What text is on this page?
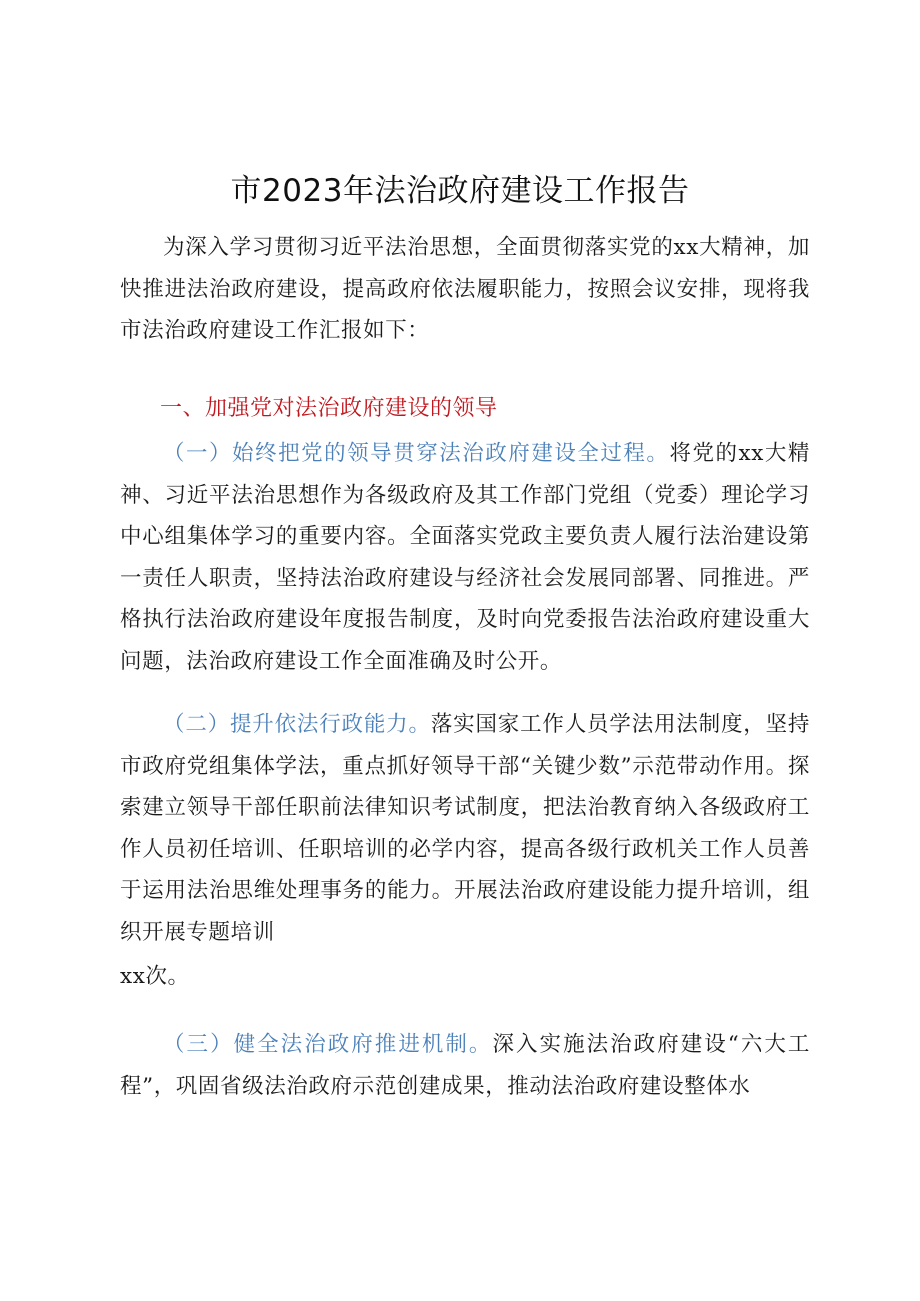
市2023年法治政府建设工作报告

为深入学习贯彻习近平法治思想，全面贯彻落实党的xx大精神，加快推进法治政府建设，提高政府依法履职能力，按照会议安排，现将我市法治政府建设工作汇报如下：

一、加强党对法治政府建设的领导

（一）始终把党的领导贯穿法治政府建设全过程。将党的xx大精神、习近平法治思想作为各级政府及其工作部门党组（党委）理论学习中心组集体学习的重要内容。全面落实党政主要负责人履行法治建设第一责任人职责，坚持法治政府建设与经济社会发展同部署、同推进。严格执行法治政府建设年度报告制度，及时向党委报告法治政府建设重大问题，法治政府建设工作全面准确及时公开。

（二）提升依法行政能力。落实国家工作人员学法用法制度，坚持市政府党组集体学法，重点抓好领导干部“关键少数”示范带动作用。探索建立领导干部任职前法律知识考试制度，把法治教育纳入各级政府工作人员初任培训、任职培训的必学内容，提高各级行政机关工作人员善于运用法治思维处理事务的能力。开展法治政府建设能力提升培训，组织开展专题培训

xx次。

（三）健全法治政府推进机制。深入实施法治政府建设“六大工程”，巩固省级法治政府示范创建成果，推动法治政府建设整体水
